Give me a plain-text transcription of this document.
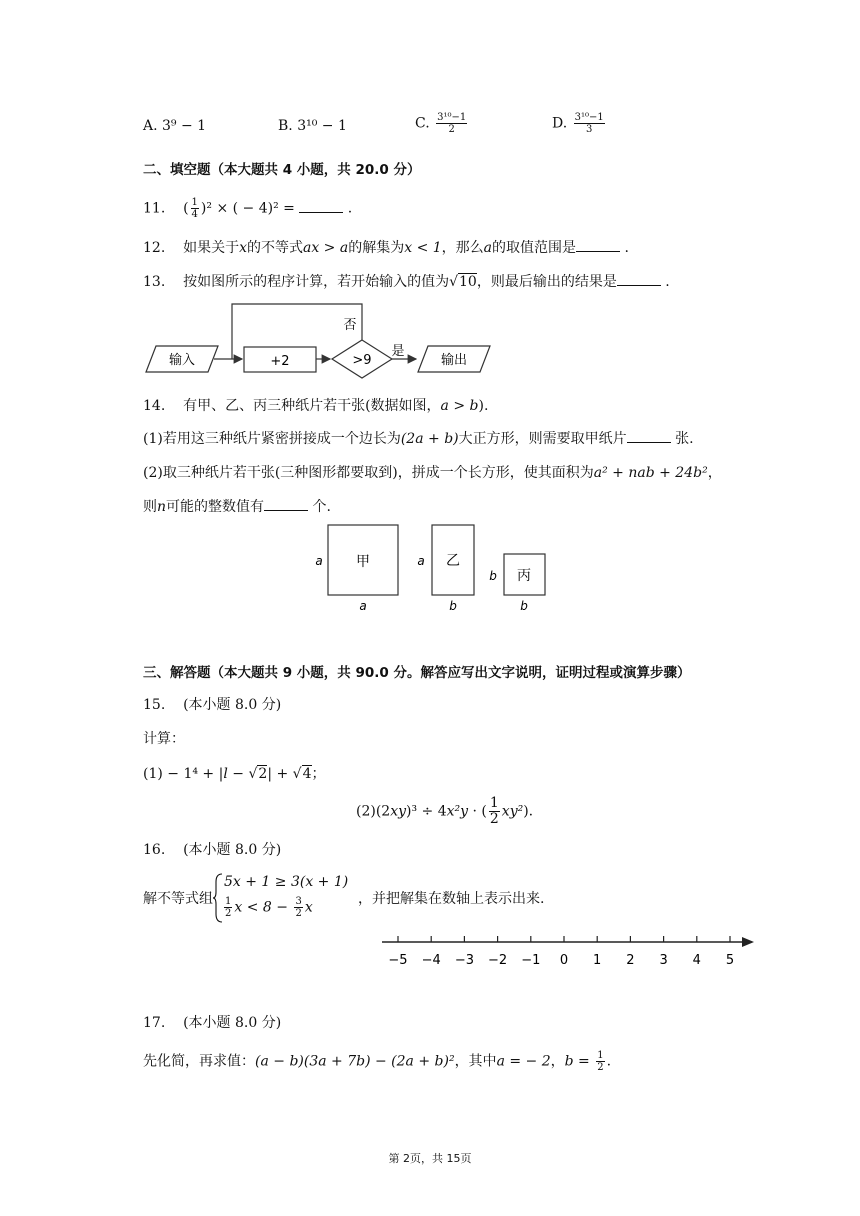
A. 3⁹ − 1	B. 3¹⁰ − 1	C. $\frac{\text{3¹⁰−1}}{2}$	D. $\frac{\text{3¹⁰−1}}{3}$
二、填空题（本大题共 4 小题，共 20.0 分）
11. ( $\frac{1}{4} )^2$ × ( − 4)² =	.
12. 如果关于x的不等式ax > a的解集为x < 1，那么a的取值范围是	.
13. 按如图所示的程序计算，若开始输入的值为√10，则最后输出的结果是	.
输入	+2	>9
否
是
输出
14. 有甲、乙、丙三种纸片若干张(数据如图，a > b).
(1)若用这三种纸片紧密拼接成一个边长为(2a + b)大正方形，则需要取甲纸片	张.
(2)取三种纸片若干张(三种图形都要取到)，拼成一个长方形，使其面积为a² + nab + 24b²，
则n可能的整数值有	个.
甲
a
a
乙
a
b
丙
b
b
三、解答题（本大题共 9 小题，共 90.0 分。解答应写出文字说明，证明过程或演算步骤）
15. (本小题 8.0 分)
计算：
(1) − 1⁴ + |l − √2| + √4；
(2)(2xy)³ ÷ 4x²y · ( $\frac{1}{2} xy^2$).
16. (本小题 8.0 分)
解不等式组
5x + 1 ≥ 3(x + 1)
$\frac{1}{2}$ $x < 8 - \frac{3}{2}$ x
，并把解集在数轴上表示出来.
−5 −4 −3 −2 −1 0 1 2 3 4 5
17. (本小题 8.0 分)
先化简，再求值：(a − b)(3a + 7b) − (2a + b)²，其中a = − 2，$b = \frac{1}{2}$ .
第 2页，共 15页
